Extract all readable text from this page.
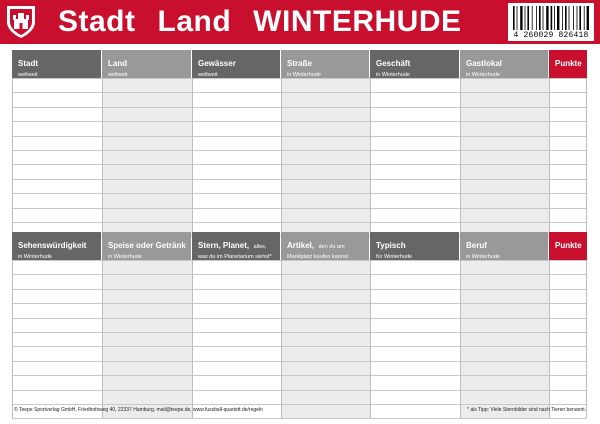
Stadt Land WINTERHUDE	4 260029 826418
Stadt
weltweit
Land
weltweit
Gewässer
weltweit
Straße
in Winterhude
Geschäft
in Winterhude
Gastlokal
in Winterhude
Punkte
Sehenswürdigkeit
in Winterhude
Speise oder Getränk
in Winterhude
Stern, Planet, alles,
was du im Planetarium siehst*
Artikel, den du am
Marktplatz kaufen kannst
Typisch
für Winterhude
Beruf
in Winterhude
Punkte
© Teepe Sportverlag GmbH, Friedhofsweg 40, 22337 Hamburg, mail@teepe.de, www.fussball-quartett.de/regeln	* als Tipp: Viele Sternbilder sind nach Tieren benannt.
